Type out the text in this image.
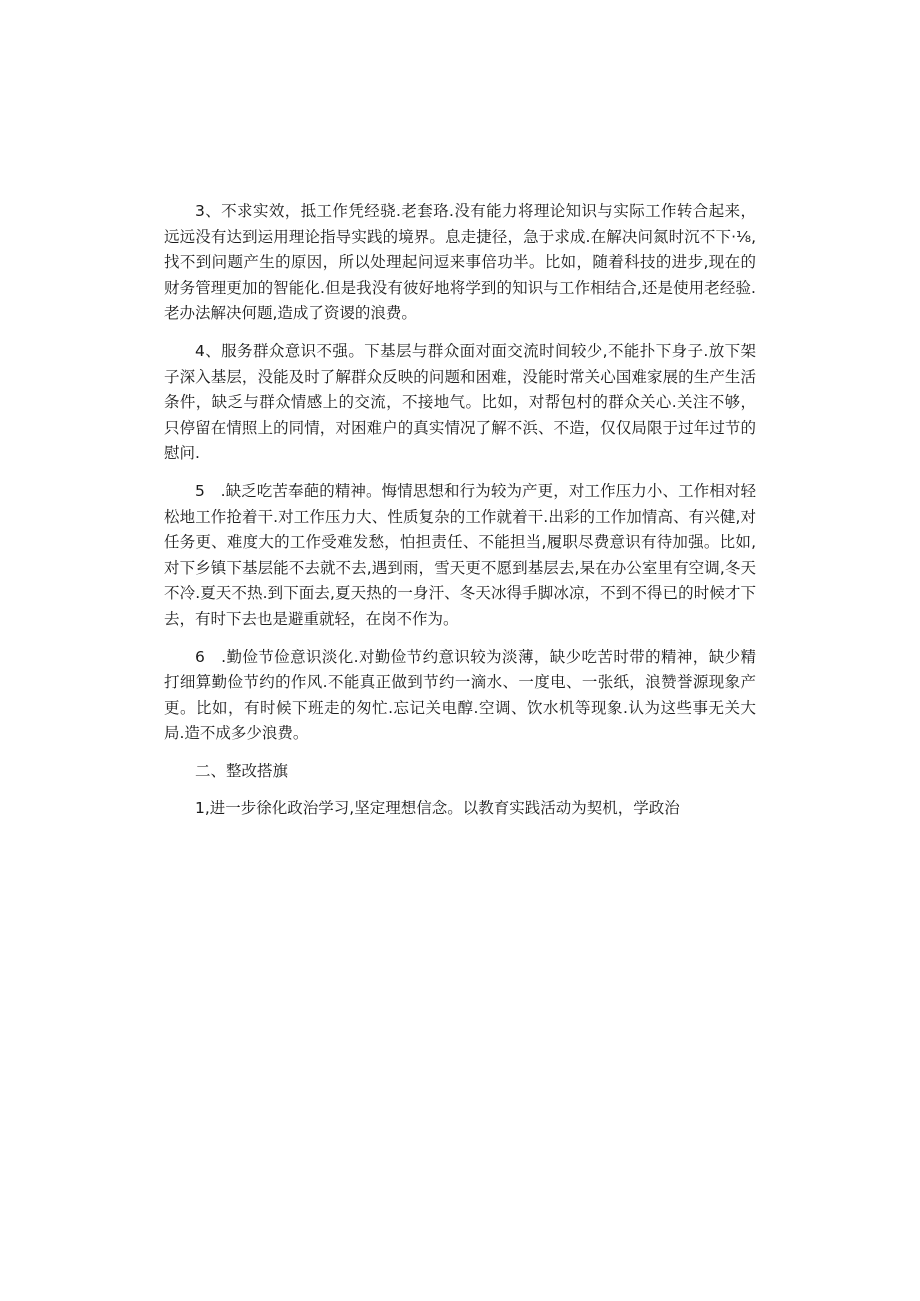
3、不求实效，抵工作凭经骁.老套珞.没有能力将理论知识与实际工作转合起来，远远没有达到运用理论指导实践的境界。息走捷径，急于求成.在解决问氮时沉不下·⅛,找不到问题产生的原因，所以处理起问逗来事倍功半。比如，随着科技的进步,现在的财务管理更加的智能化.但是我没有彼好地将学到的知识与工作相结合,还是使用老经验.老办法解决何题,造成了资谡的浪费。

4、服务群众意识不强。下基层与群众面对面交流时间较少,不能扑下身子.放下架子深入基层，没能及时了解群众反映的问题和困难，没能时常关心国难家展的生产生活条件，缺乏与群众情感上的交流，不接地气。比如，对帮包村的群众关心.关注不够，只停留在情照上的同情，对困难户的真实情况了解不浜、不造，仅仅局限于过年过节的慰问.

5　.缺乏吃苦奉葩的精神。悔情思想和行为较为产更，对工作压力小、工作相对轻松地工作抢着干.对工作压力大、性质复杂的工作就着干.出彩的工作加情高、有兴健,对任务更、难度大的工作受难发愁，怕担责任、不能担当,履职尽费意识有待加强。比如,对下乡镇下基层能不去就不去,遇到雨，雪天更不愿到基层去,杲在办公室里有空调,冬天不冷.夏天不热.到下面去,夏天热的一身汗、冬天冰得手脚冰凉，不到不得已的时候才下去，有时下去也是避重就轻，在岗不作为。

6　.勤俭节俭意识淡化.对勤俭节约意识较为淡薄，缺少吃苦时带的精神，缺少精打细算勤俭节约的作风.不能真正做到节约一滴水、一度电、一张纸，浪赞誉源现象产更。比如，有时候下班走的匆忙.忘记关电醇.空调、饮水机等现象.认为这些事无关大局.造不成多少浪费。

二、整改搭旗

1,进一步徐化政治学习,坚定理想信念。以教育实践活动为契机，学政治
